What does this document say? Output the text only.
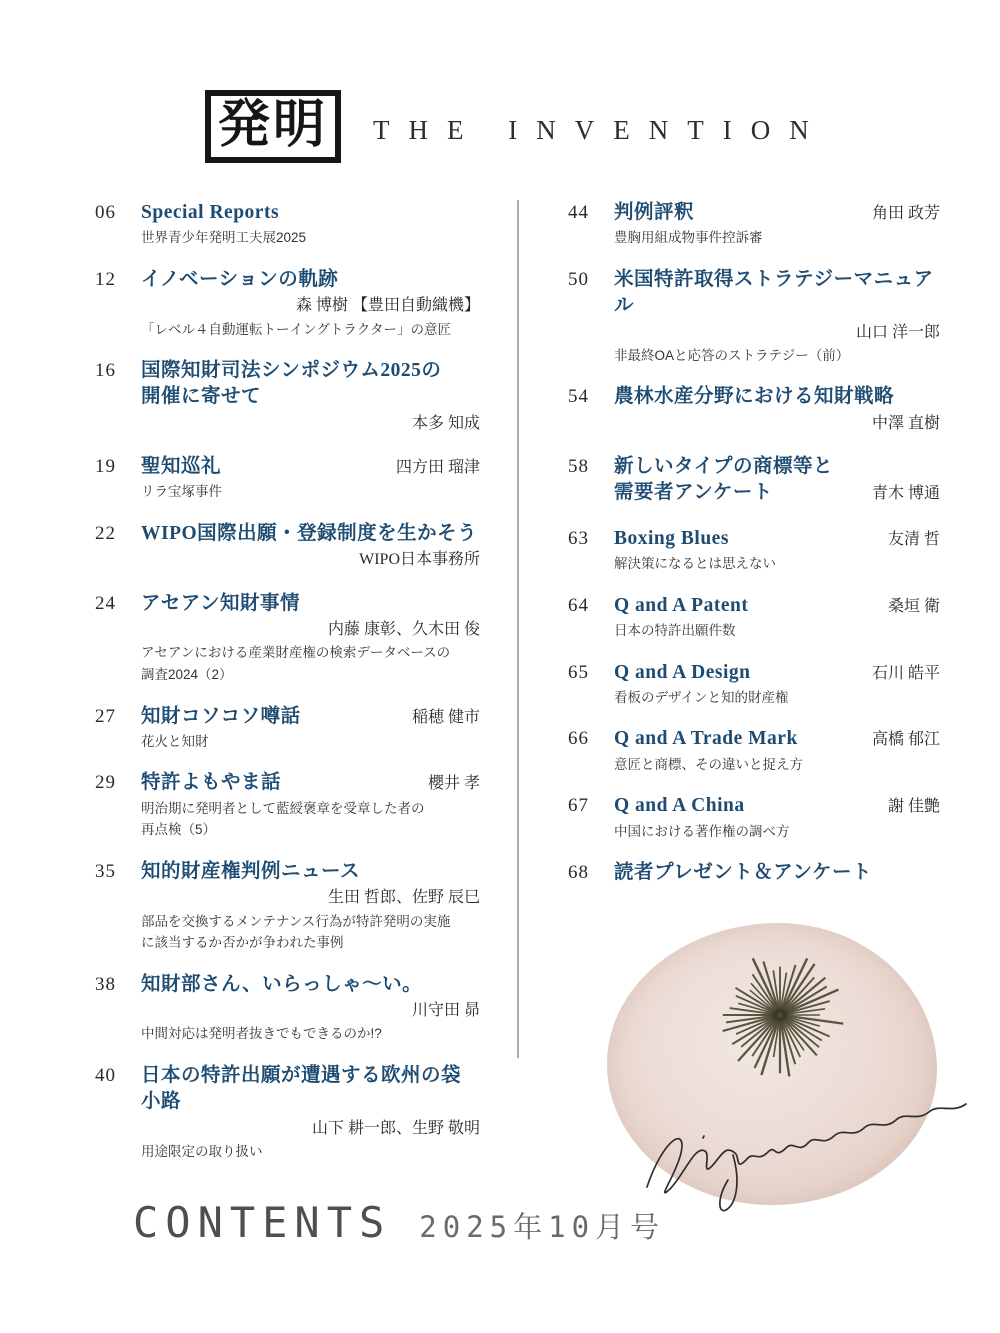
発明	THE INVENTION
06	Special Reports
世界青少年発明工夫展2025
12	イノベーションの軌跡
森 博樹 【豊田自動織機】
「レベル４自動運転トーイングトラクター」の意匠
16	国際知財司法シンポジウム2025の
開催に寄せて
本多 知成
19	聖知巡礼	四方田 瑠津
リラ宝塚事件
22	WIPO国際出願・登録制度を生かそう
WIPO日本事務所
24	アセアン知財事情
内藤 康彰、久木田 俊
アセアンにおける産業財産権の検索データベースの
調査2024（2）
27	知財コソコソ噂話	稲穂 健市
花火と知財
29	特許よもやま話	櫻井 孝
明治期に発明者として藍綬褒章を受章した者の
再点検（5）
35	知的財産権判例ニュース
生田 哲郎、佐野 辰巳
部品を交換するメンテナンス行為が特許発明の実施
に該当するか否かが争われた事例
38	知財部さん、いらっしゃ～い。
川守田 昴
中間対応は発明者抜きでもできるのか!?
40	日本の特許出願が遭遇する欧州の袋小路
山下 耕一郎、生野 敬明
用途限定の取り扱い
44	判例評釈	角田 政芳
豊胸用組成物事件控訴審
50	米国特許取得ストラテジーマニュアル
山口 洋一郎
非最終OAと応答のストラテジー（前）
54	農林水産分野における知財戦略
中澤 直樹
58	新しいタイプの商標等と
需要者アンケート	青木 博通
63	Boxing Blues	友清 哲
解決策になるとは思えない
64	Q and A Patent	桑垣 衛
日本の特許出願件数
65	Q and A Design	石川 皓平
看板のデザインと知的財産権
66	Q and A Trade Mark	高橋 郁江
意匠と商標、その違いと捉え方
67	Q and A China	謝 佳艶
中国における著作権の調べ方
68	読者プレゼント＆アンケート
CONTENTS 2025年10月号
